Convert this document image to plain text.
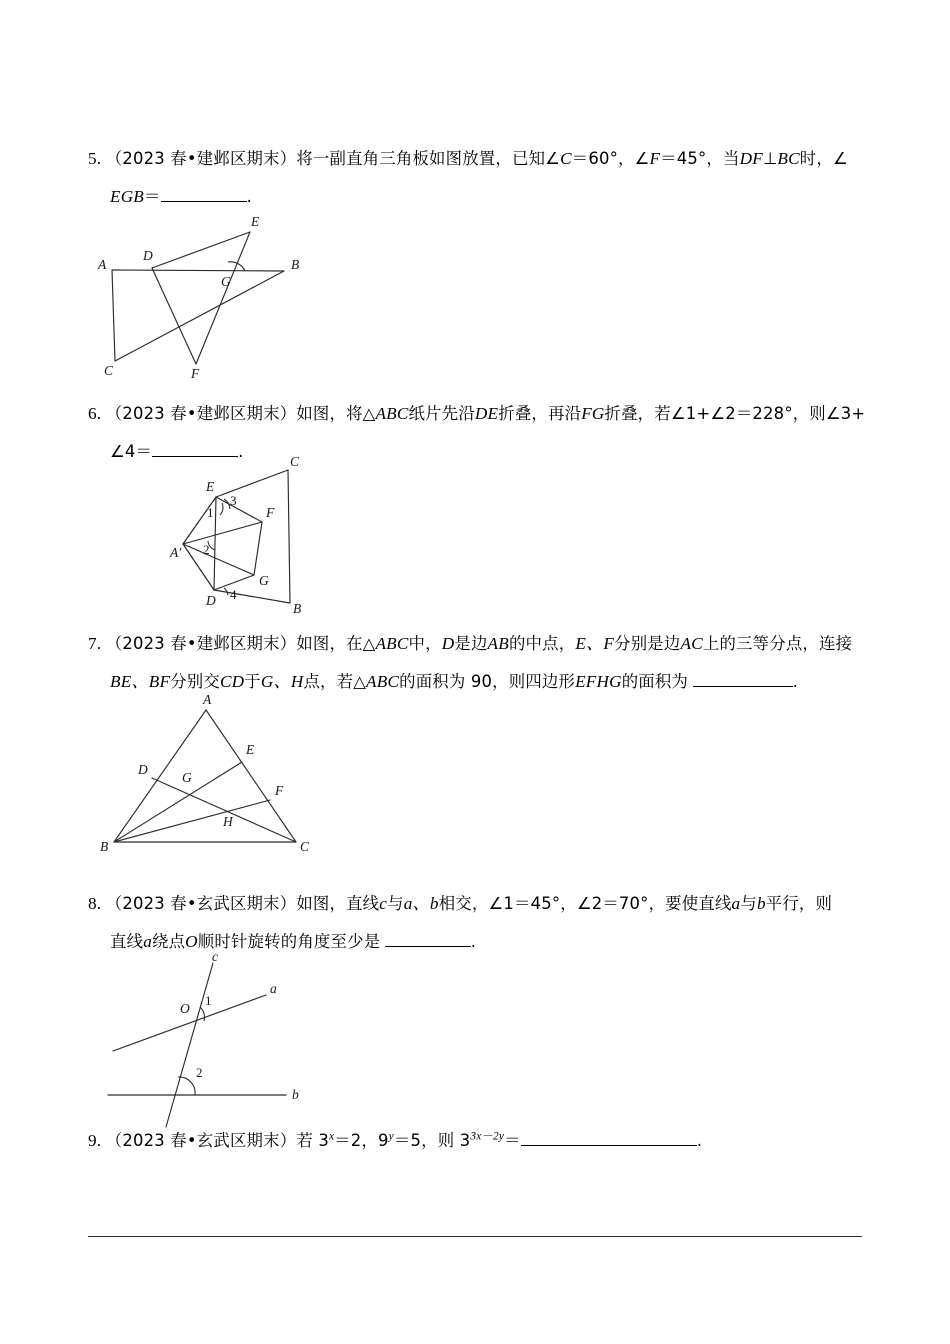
5. （2023 春•建邺区期末）将一副直角三角板如图放置，已知∠C＝60°，∠F＝45°，当DF⊥BC时，∠
EGB＝	.
A
D
B
E
G
C	F
6. （2023 春•建邺区期末）如图，将△ABC纸片先沿DE折叠，再沿FG折叠，若∠1+∠2＝228°，则∠3+
∠4＝	.
C
E
F
A′
G
D
B
1
2
3
4
7. （2023 春•建邺区期末）如图，在△ABC中，D是边AB的中点，E、F分别是边AC上的三等分点，连接
BE、BF分别交CD于G、H点，若△ABC的面积为 90，则四边形EFHG的面积为	.
A
E
D
G
F
H
B	C
8. （2023 春•玄武区期末）如图，直线c与a、b相交，∠1＝45°，∠2＝70°，要使直线a与b平行，则
直线a绕点O顺时针旋转的角度至少是	.
c
a
O
1
2
b
9. （2023 春•玄武区期末）若 $3^x=2$，$9^y=5$，则 $3^{3x-2y}=$	.
